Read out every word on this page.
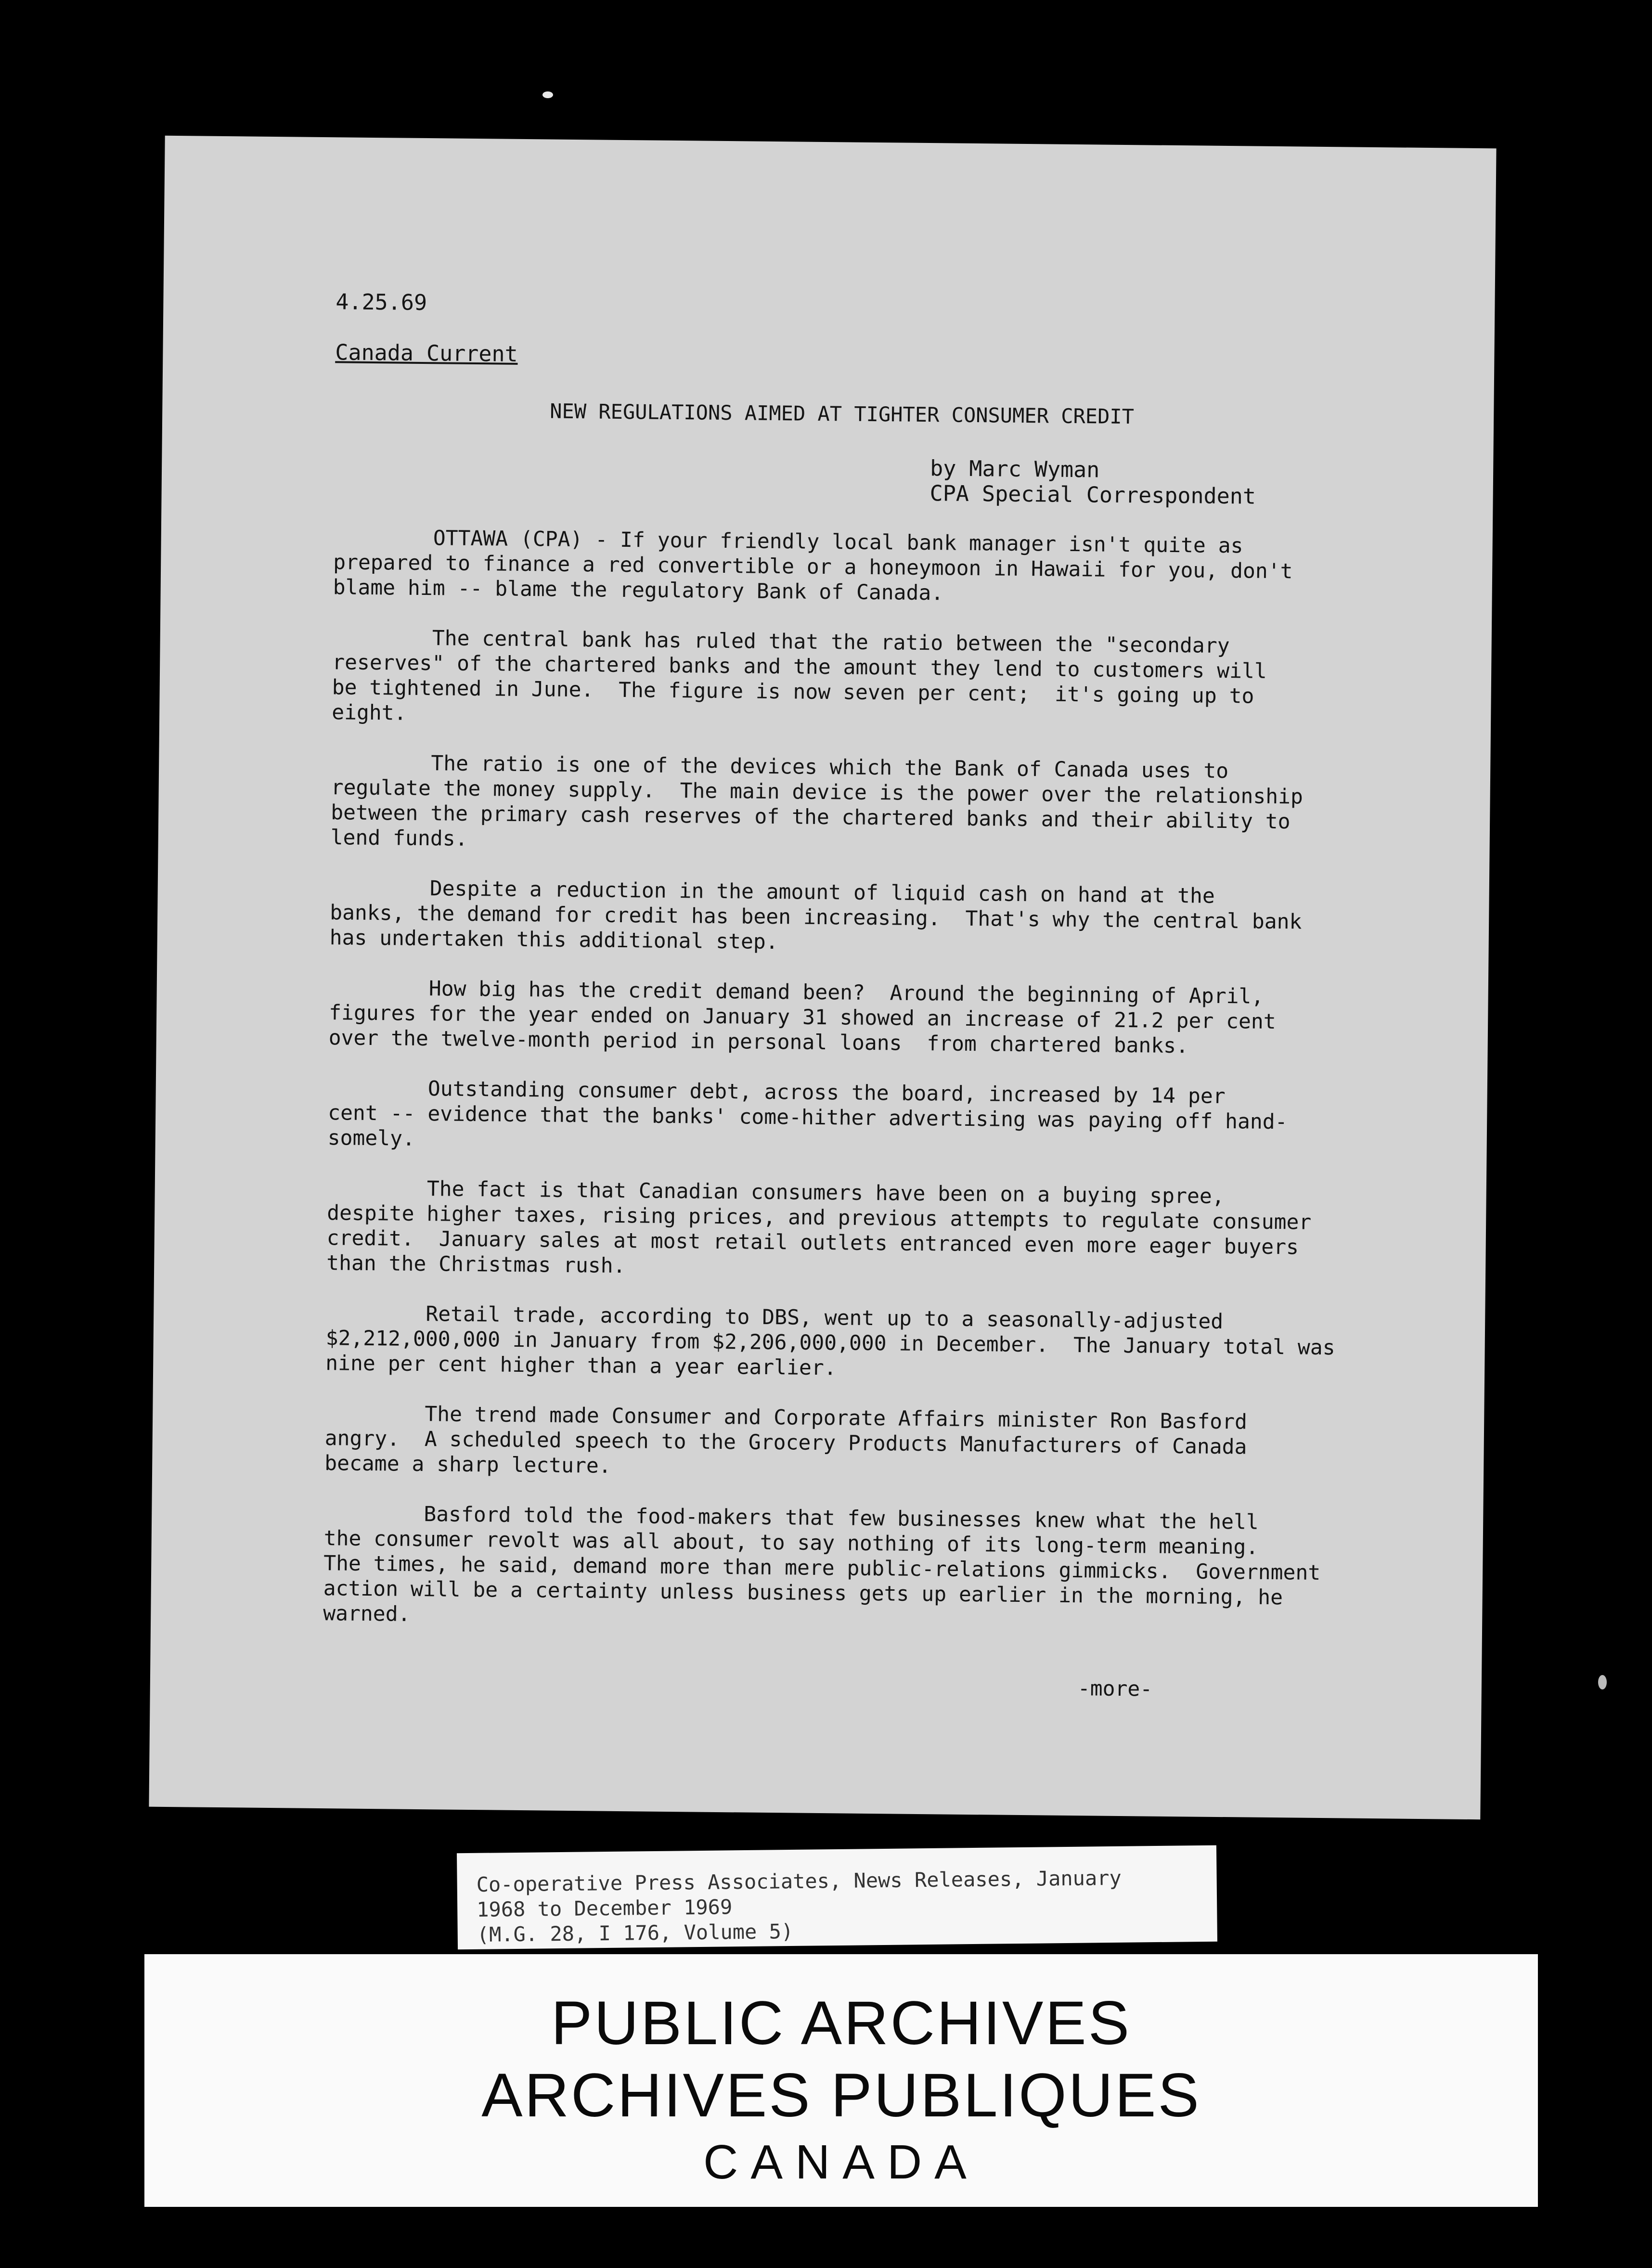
4.25.69
Canada Current
NEW REGULATIONS AIMED AT TIGHTER CONSUMER CREDIT
by Marc Wyman
CPA Special Correspondent

OTTAWA (CPA) - If your friendly local bank manager isn't quite as
prepared to finance a red convertible or a honeymoon in Hawaii for you, don't
blame him -- blame the regulatory Bank of Canada.

The central bank has ruled that the ratio between the "secondary
reserves" of the chartered banks and the amount they lend to customers will
be tightened in June.  The figure is now seven per cent;  it's going up to
eight.

The ratio is one of the devices which the Bank of Canada uses to
regulate the money supply.  The main device is the power over the relationship
between the primary cash reserves of the chartered banks and their ability to
lend funds.

Despite a reduction in the amount of liquid cash on hand at the
banks, the demand for credit has been increasing.  That's why the central bank
has undertaken this additional step.

How big has the credit demand been?  Around the beginning of April,
figures for the year ended on January 31 showed an increase of 21.2 per cent
over the twelve-month period in personal loans  from chartered banks.

Outstanding consumer debt, across the board, increased by 14 per
cent -- evidence that the banks' come-hither advertising was paying off hand-
somely.

The fact is that Canadian consumers have been on a buying spree,
despite higher taxes, rising prices, and previous attempts to regulate consumer
credit.  January sales at most retail outlets entranced even more eager buyers
than the Christmas rush.

Retail trade, according to DBS, went up to a seasonally-adjusted
$2,212,000,000 in January from $2,206,000,000 in December.  The January total was
nine per cent higher than a year earlier.

The trend made Consumer and Corporate Affairs minister Ron Basford
angry.  A scheduled speech to the Grocery Products Manufacturers of Canada
became a sharp lecture.

Basford told the food-makers that few businesses knew what the hell
the consumer revolt was all about, to say nothing of its long-term meaning.
The times, he said, demand more than mere public-relations gimmicks.  Government
action will be a certainty unless business gets up earlier in the morning, he
warned.

-more-
Co-operative Press Associates, News Releases, January
1968 to December 1969
(M.G. 28, I 176, Volume 5)
PUBLIC ARCHIVES
ARCHIVES PUBLIQUES
CANADA
